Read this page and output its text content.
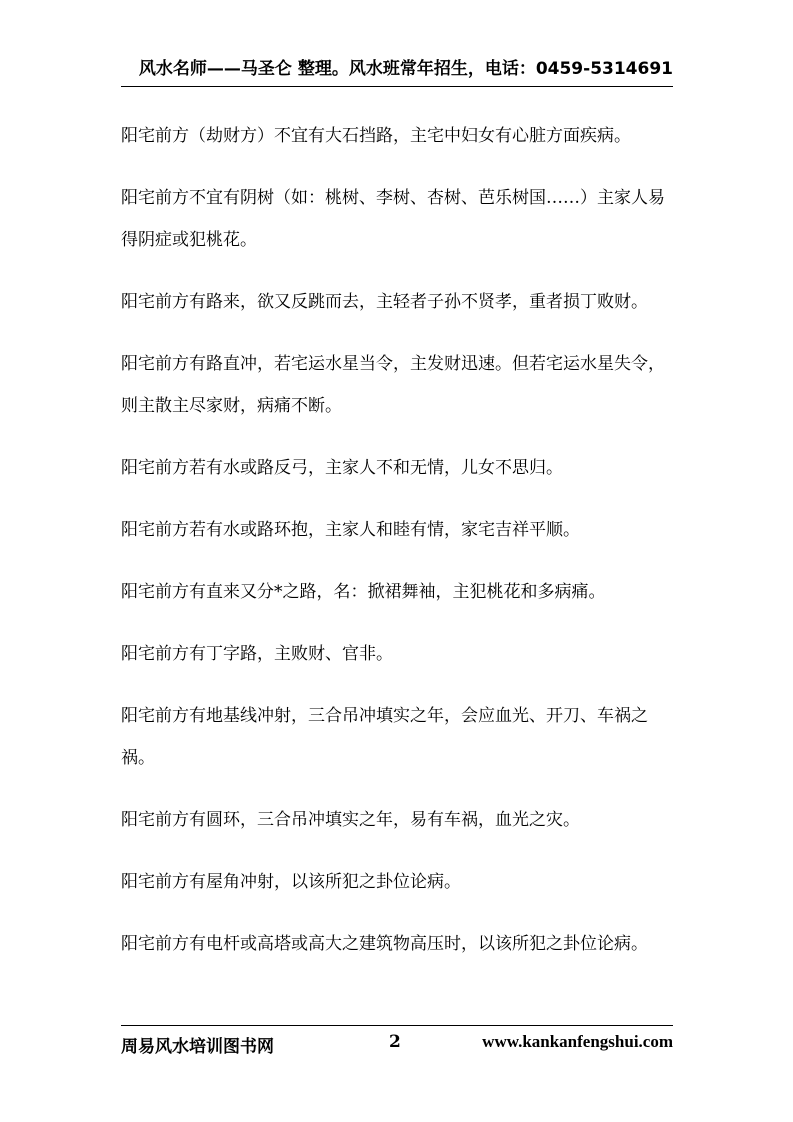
风水名师——马圣仑 整理。风水班常年招生，电话：0459-5314691

阳宅前方（劫财方）不宜有大石挡路，主宅中妇女有心脏方面疾病。

阳宅前方不宜有阴树（如：桃树、李树、杏树、芭乐树国……）主家人易得阴症或犯桃花。

阳宅前方有路来，欲又反跳而去，主轻者子孙不贤孝，重者损丁败财。

阳宅前方有路直冲，若宅运水星当令，主发财迅速。但若宅运水星失令，则主散主尽家财，病痛不断。

阳宅前方若有水或路反弓，主家人不和无情，儿女不思归。

阳宅前方若有水或路环抱，主家人和睦有情，家宅吉祥平顺。

阳宅前方有直来又分*之路，名：掀裙舞袖，主犯桃花和多病痛。

阳宅前方有丁字路，主败财、官非。

阳宅前方有地基线冲射，三合吊冲填实之年，会应血光、开刀、车祸之祸。

阳宅前方有圆环，三合吊冲填实之年，易有车祸，血光之灾。

阳宅前方有屋角冲射，以该所犯之卦位论病。

阳宅前方有电杆或高塔或高大之建筑物高压时，以该所犯之卦位论病。

周易风水培训图书网	2	www.kankanfengshui.com
